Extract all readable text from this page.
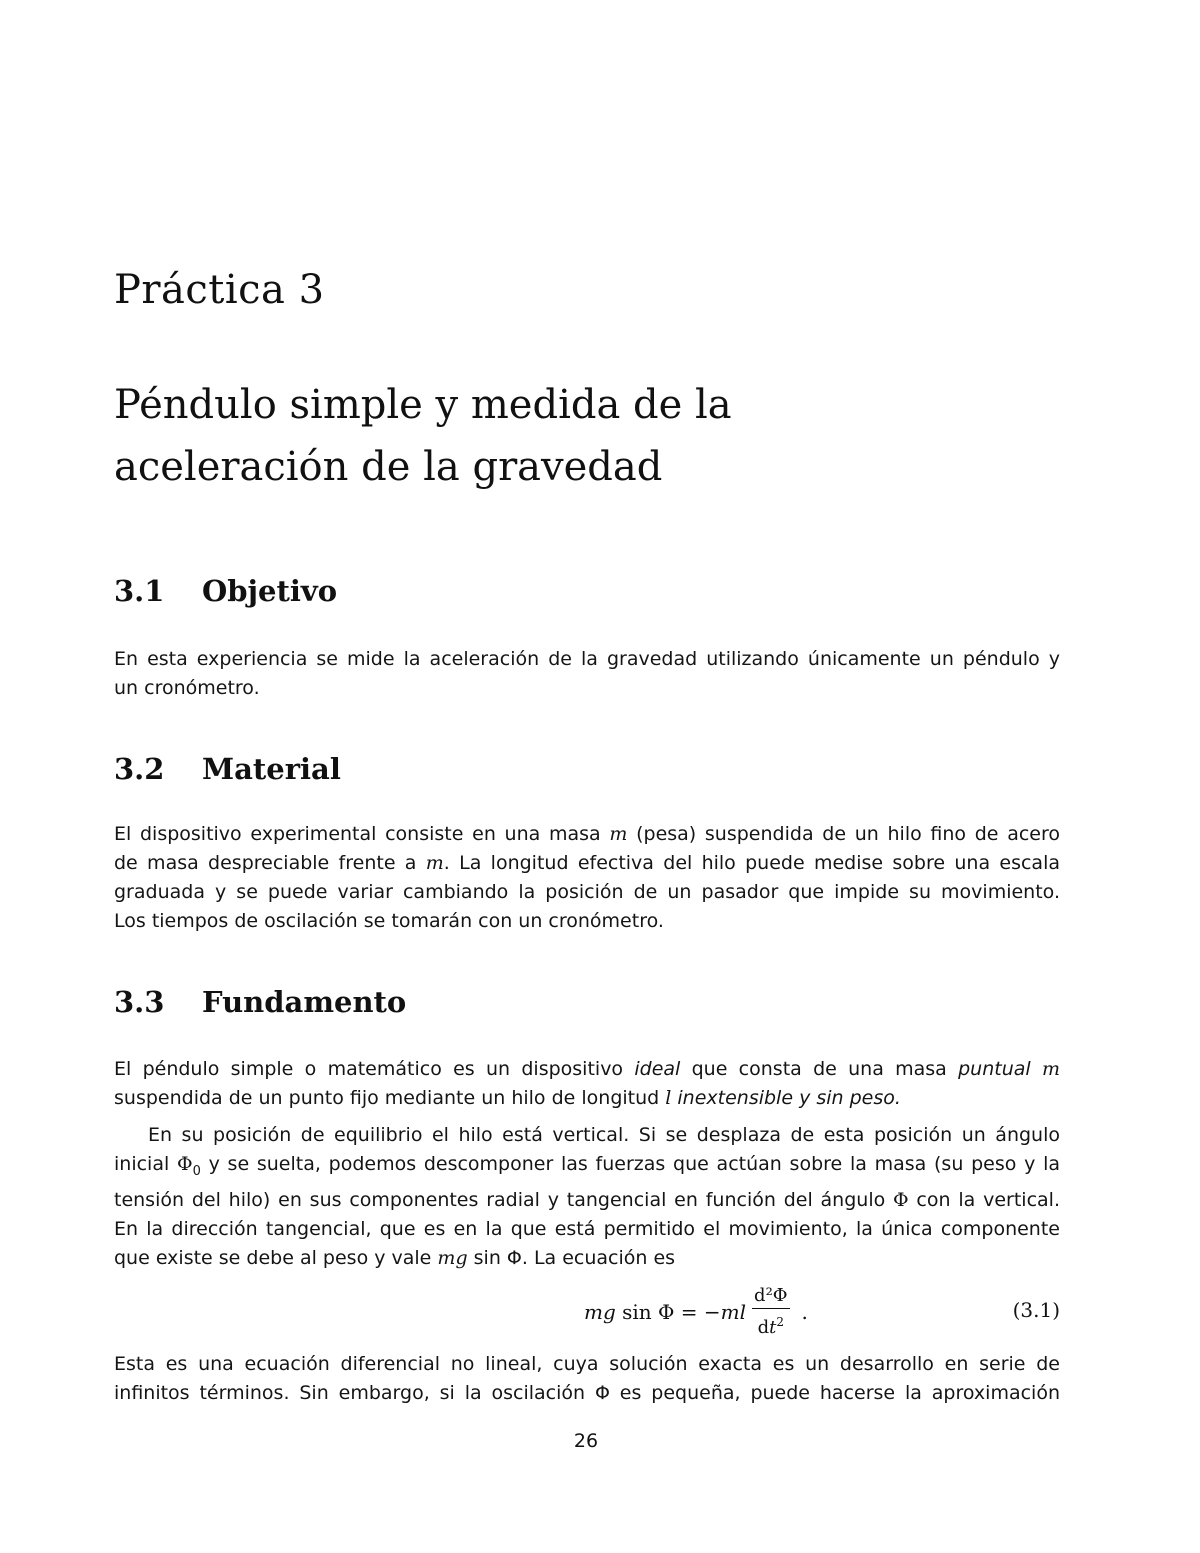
Práctica 3
Péndulo simple y medida de la
aceleración de la gravedad
3.1 Objetivo

En esta experiencia se mide la aceleración de la gravedad utilizando únicamente un péndulo y
un cronómetro.

3.2 Material

El dispositivo experimental consiste en una masa m (pesa) suspendida de un hilo fino de acero
de masa despreciable frente a m. La longitud efectiva del hilo puede medise sobre una escala
graduada y se puede variar cambiando la posición de un pasador que impide su movimiento.
Los tiempos de oscilación se tomarán con un cronómetro.

3.3 Fundamento

El péndulo simple o matemático es un dispositivo ideal que consta de una masa puntual m
suspendida de un punto fijo mediante un hilo de longitud l inextensible y sin peso.

En su posición de equilibrio el hilo está vertical. Si se desplaza de esta posición un ángulo
inicial $\Phi_0$ y se suelta, podemos descomponer las fuerzas que actúan sobre la masa (su peso y la
tensión del hilo) en sus componentes radial y tangencial en función del ángulo Φ con la vertical.
En la dirección tangencial, que es en la que está permitido el movimiento, la única componente
que existe se debe al peso y vale mg sin Φ. La ecuación es

mg sin Φ = − ml $\frac{\text{d²Φ}}{dt^2}$ .	(3.1)

Esta es una ecuación diferencial no lineal, cuya solución exacta es un desarrollo en serie de
infinitos términos. Sin embargo, si la oscilación Φ es pequeña, puede hacerse la aproximación

26
